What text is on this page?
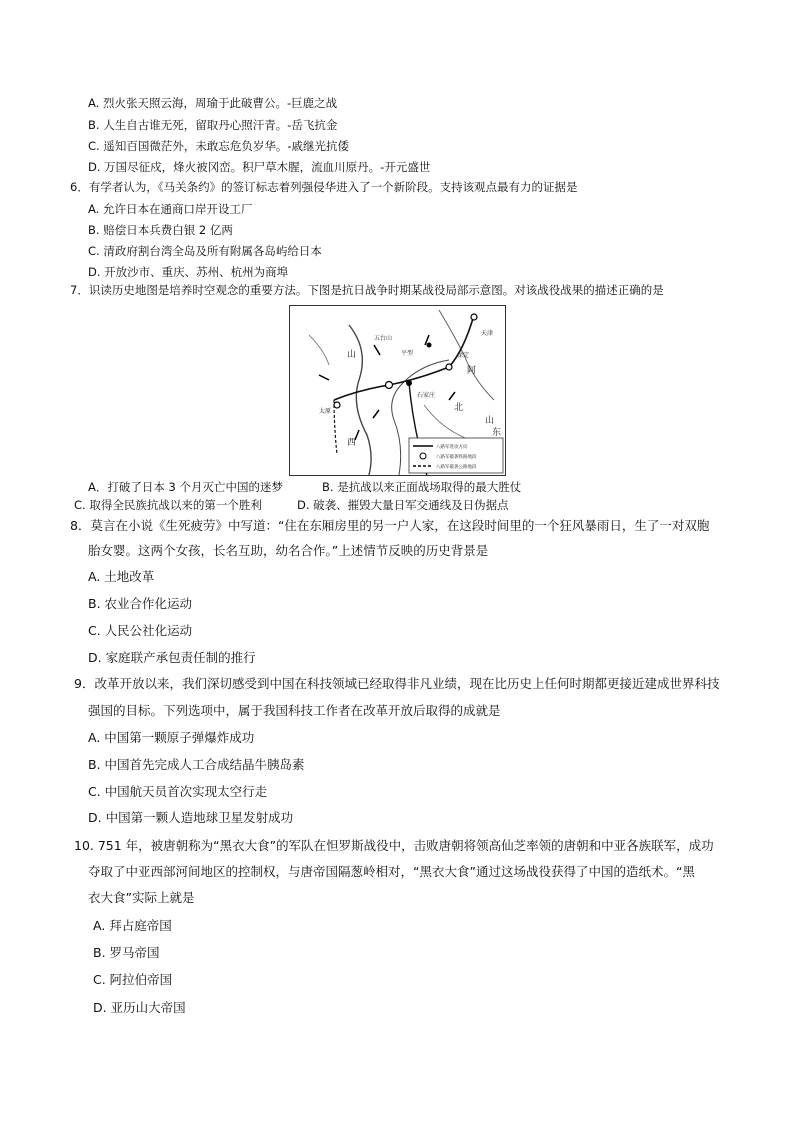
A. 烈火张天照云海，周瑜于此破曹公。-巨鹿之战
B. 人生自古谁无死，留取丹心照汗青。-岳飞抗金
C. 遥知百国微茫外，未敢忘危负岁华。-戚继光抗倭
D. 万国尽征戍，烽火被冈峦。积尸草木腥，流血川原丹。-开元盛世
6．有学者认为，《马关条约》的签订标志着列强侵华进入了一个新阶段。支持该观点最有力的证据是
A. 允许日本在通商口岸开设工厂
B. 赔偿日本兵费白银 2 亿两
C. 清政府割台湾全岛及所有附属各岛屿给日本
D. 开放沙市、重庆、苏州、杭州为商埠
7．识读历史地图是培养时空观念的重要方法。下图是抗日战争时期某战役局部示意图。对该战役战果的描述正确的是
山
阿
北
西
五台山
平型
太原
石家庄
天津
保定
东
山
八路军进攻方向
八路军破袭铁路地段
八路军破袭公路地段
A．打破了日本 3 个月灭亡中国的迷梦	B. 是抗战以来正面战场取得的最大胜仗
C. 取得全民族抗战以来的第一个胜利	D. 破袭、摧毁大量日军交通线及日伪据点
8．莫言在小说《生死疲劳》中写道：“住在东厢房里的另一户人家，在这段时间里的一个狂风暴雨日，生了一对双胞
胎女婴。这两个女孩，长名互助，幼名合作。”上述情节反映的历史背景是
A. 土地改革
B. 农业合作化运动
C. 人民公社化运动
D. 家庭联产承包责任制的推行
9．改革开放以来，我们深切感受到中国在科技领域已经取得非凡业绩，现在比历史上任何时期都更接近建成世界科技
强国的目标。下列选项中，属于我国科技工作者在改革开放后取得的成就是
A. 中国第一颗原子弹爆炸成功
B. 中国首先完成人工合成结晶牛胰岛素
C. 中国航天员首次实现太空行走
D. 中国第一颗人造地球卫星发射成功
10. 751 年，被唐朝称为“黑衣大食”的军队在怛罗斯战役中，击败唐朝将领高仙芝率领的唐朝和中亚各族联军，成功
夺取了中亚西部河间地区的控制权，与唐帝国隔葱岭相对，“黑衣大食”通过这场战役获得了中国的造纸术。“黑
衣大食”实际上就是
A. 拜占庭帝国
B. 罗马帝国
C. 阿拉伯帝国
D. 亚历山大帝国
